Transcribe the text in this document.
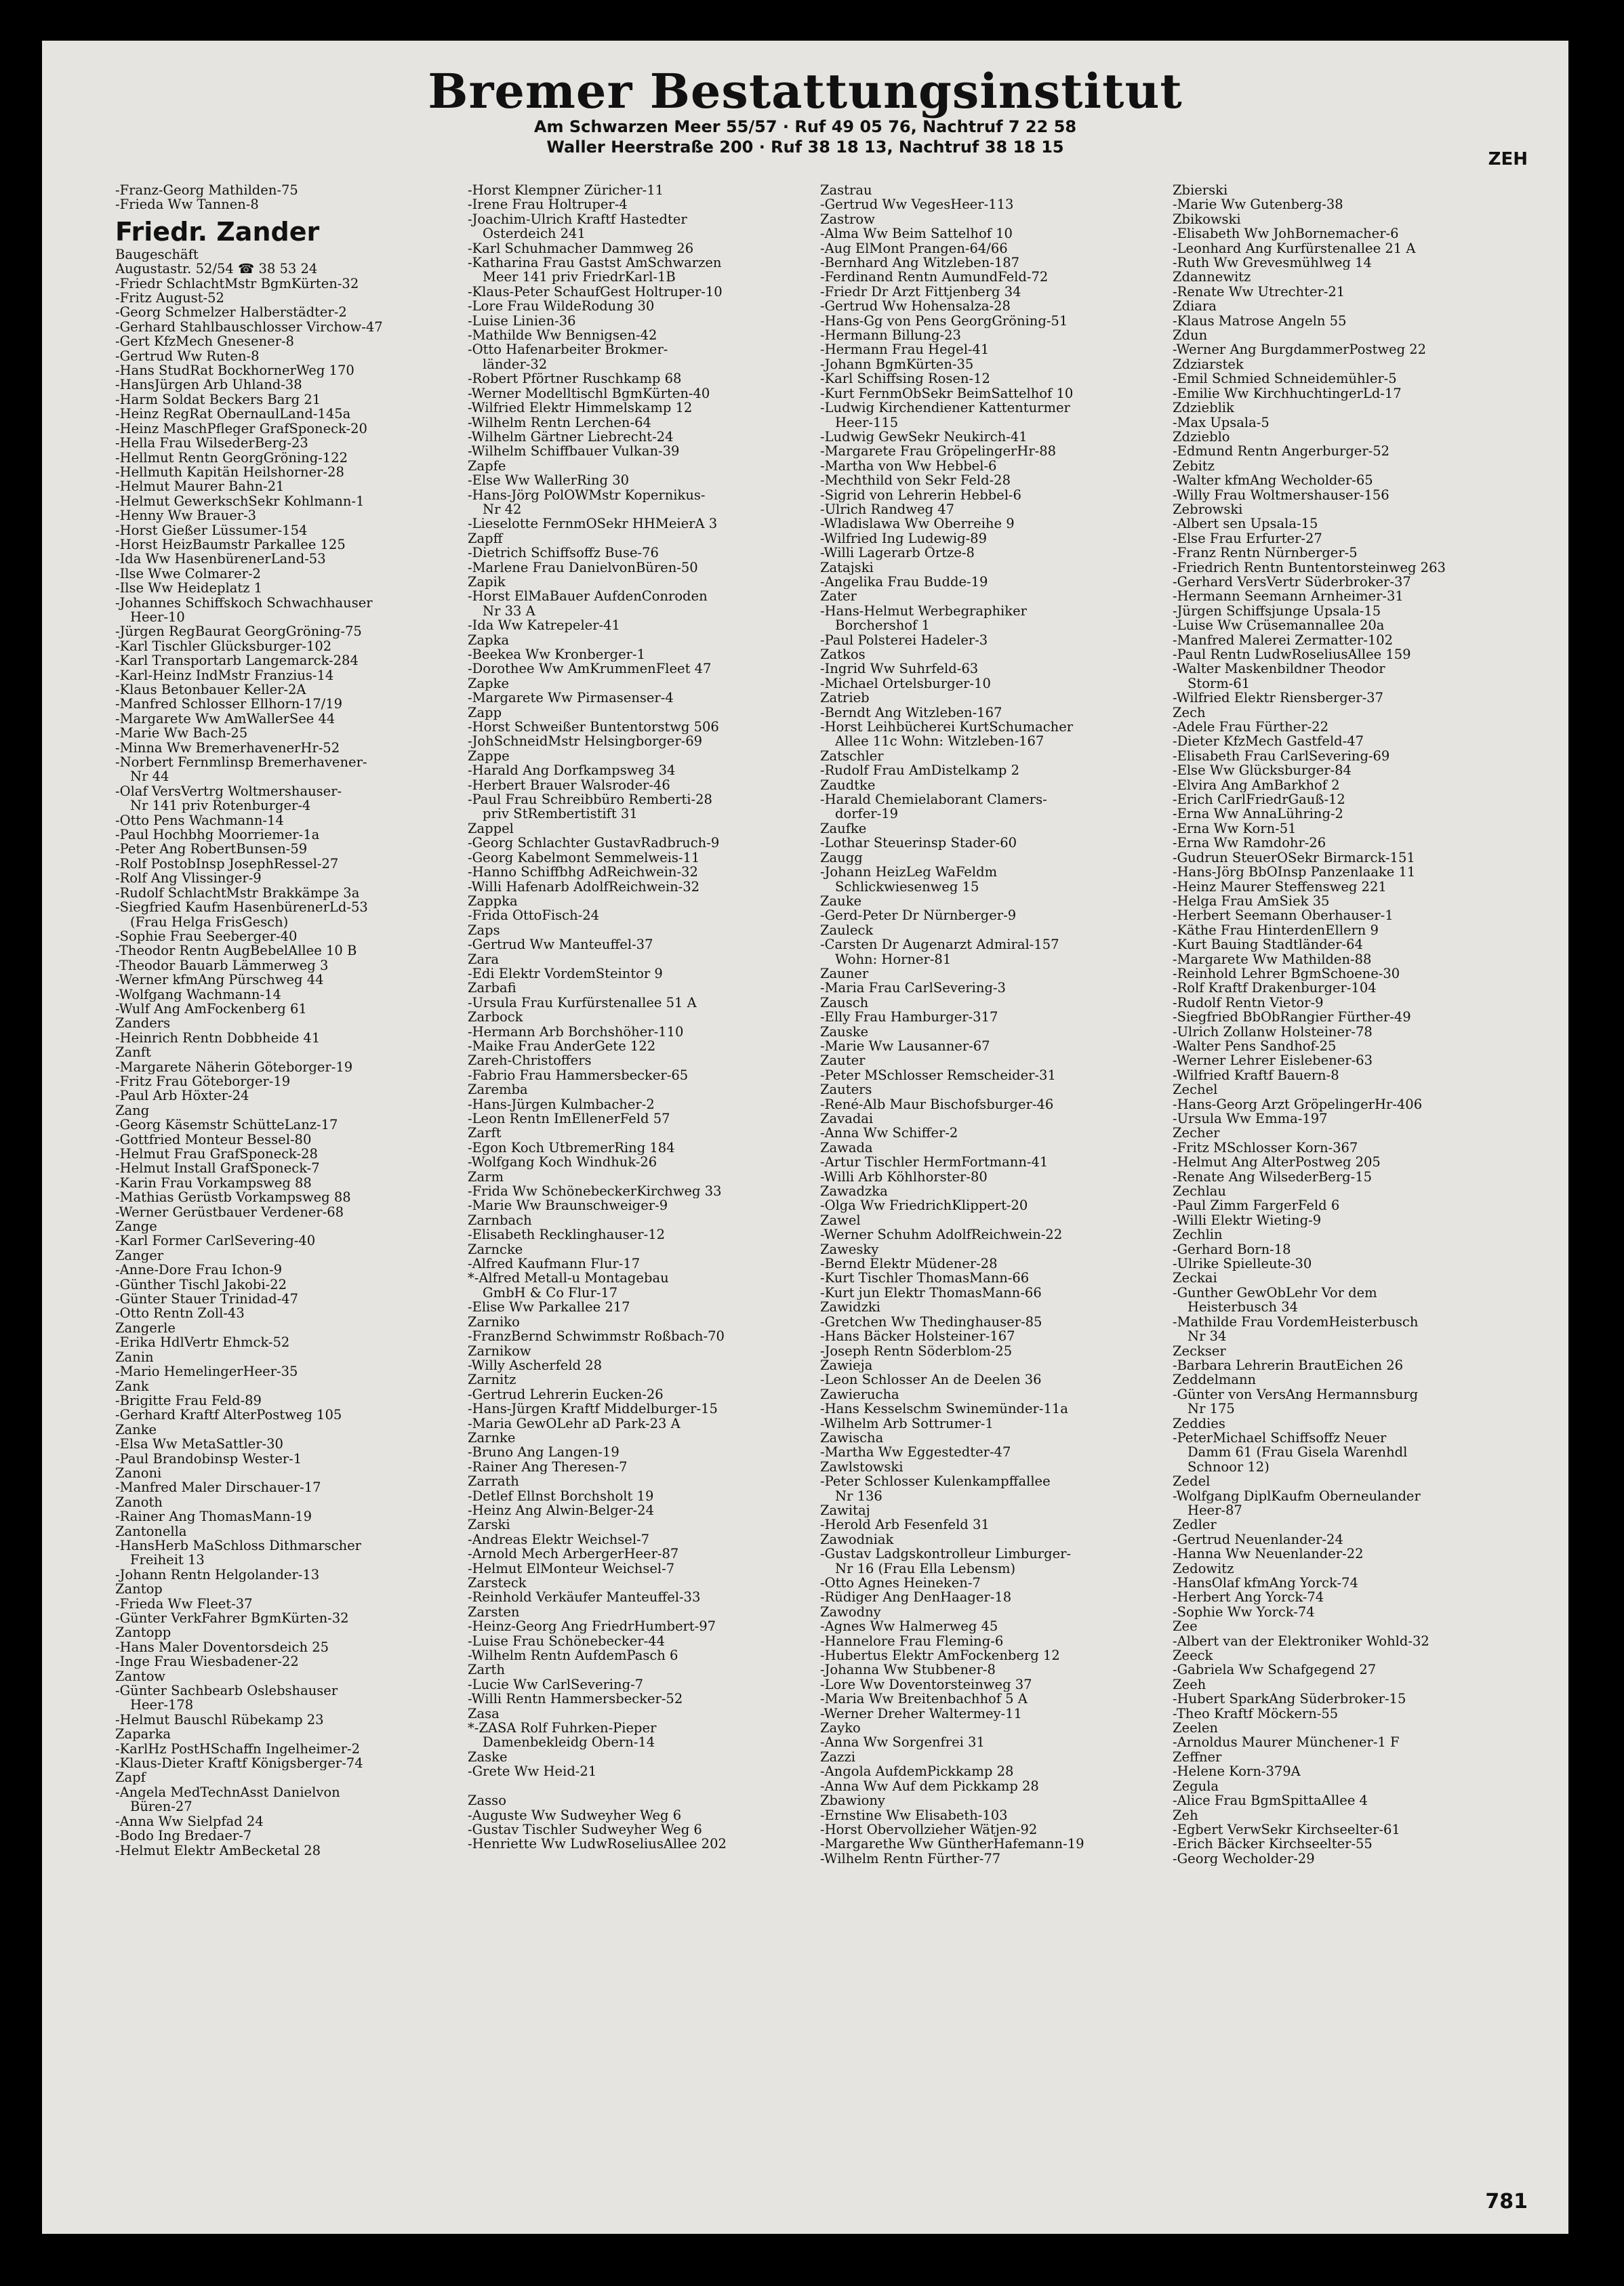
Bremer Bestattungsinstitut
Am Schwarzen Meer 55/57 · Ruf 49 05 76, Nachtruf 7 22 58
Waller Heerstraße 200 · Ruf 38 18 13, Nachtruf 38 18 15
ZEH
-Franz-Georg Mathilden-75
-Frieda Ww Tannen-8
Friedr. Zander
Baugeschäft
Augustastr. 52/54 ☎ 38 53 24
-Friedr SchlachtMstr BgmKürten-32
-Fritz August-52
-Georg Schmelzer Halberstädter-2
-Gerhard Stahlbauschlosser Virchow-47
-Gert KfzMech Gnesener-8
-Gertrud Ww Ruten-8
-Hans StudRat BockhornerWeg 170
-HansJürgen Arb Uhland-38
-Harm Soldat Beckers Barg 21
-Heinz RegRat ObernaulLand-145a
-Heinz MaschPfleger GrafSponeck-20
-Hella Frau WilsederBerg-23
-Hellmut Rentn GeorgGröning-122
-Hellmuth Kapitän Heilshorner-28
-Helmut Maurer Bahn-21
-Helmut GewerkschSekr Kohlmann-1
-Henny Ww Brauer-3
-Horst Gießer Lüssumer-154
-Horst HeizBaumstr Parkallee 125
-Ida Ww HasenbürenerLand-53
-Ilse Wwe Colmarer-2
-Ilse Ww Heideplatz 1
-Johannes Schiffskoch Schwachhauser
Heer-10
-Jürgen RegBaurat GeorgGröning-75
-Karl Tischler Glücksburger-102
-Karl Transportarb Langemarck-284
-Karl-Heinz IndMstr Franzius-14
-Klaus Betonbauer Keller-2A
-Manfred Schlosser Ellhorn-17/19
-Margarete Ww AmWallerSee 44
-Marie Ww Bach-25
-Minna Ww BremerhavenerHr-52
-Norbert Fernmlinsp Bremerhavener-
Nr 44
-Olaf VersVertrg Woltmershauser-
Nr 141 priv Rotenburger-4
-Otto Pens Wachmann-14
-Paul Hochbhg Moorriemer-1a
-Peter Ang RobertBunsen-59
-Rolf PostobInsp JosephRessel-27
-Rolf Ang Vlissinger-9
-Rudolf SchlachtMstr Brakkämpe 3a
-Siegfried Kaufm HasenbürenerLd-53
(Frau Helga FrisGesch)
-Sophie Frau Seeberger-40
-Theodor Rentn AugBebelAllee 10 B
-Theodor Bauarb Lämmerweg 3
-Werner kfmAng Pürschweg 44
-Wolfgang Wachmann-14
-Wulf Ang AmFockenberg 61
Zanders
-Heinrich Rentn Dobbheide 41
Zanft
-Margarete Näherin Göteborger-19
-Fritz Frau Göteborger-19
-Paul Arb Höxter-24
Zang
-Georg Käsemstr SchütteLanz-17
-Gottfried Monteur Bessel-80
-Helmut Frau GrafSponeck-28
-Helmut Install GrafSponeck-7
-Karin Frau Vorkampsweg 88
-Mathias Gerüstb Vorkampsweg 88
-Werner Gerüstbauer Verdener-68
Zange
-Karl Former CarlSevering-40
Zanger
-Anne-Dore Frau Ichon-9
-Günther Tischl Jakobi-22
-Günter Stauer Trinidad-47
-Otto Rentn Zoll-43
Zangerle
-Erika HdlVertr Ehmck-52
Zanin
-Mario HemelingerHeer-35
Zank
-Brigitte Frau Feld-89
-Gerhard Kraftf AlterPostweg 105
Zanke
-Elsa Ww MetaSattler-30
-Paul Brandobinsp Wester-1
Zanoni
-Manfred Maler Dirschauer-17
Zanoth
-Rainer Ang ThomasMann-19
Zantonella
-HansHerb MaSchloss Dithmarscher
Freiheit 13
-Johann Rentn Helgolander-13
Zantop
-Frieda Ww Fleet-37
-Günter VerkFahrer BgmKürten-32
Zantopp
-Hans Maler Doventorsdeich 25
-Inge Frau Wiesbadener-22
Zantow
-Günter Sachbearb Oslebshauser
Heer-178
-Helmut Bauschl Rübekamp 23
Zaparka
-KarlHz PostHSchaffn Ingelheimer-2
-Klaus-Dieter Kraftf Königsberger-74
Zapf
-Angela MedTechnAsst Danielvon
Büren-27
-Anna Ww Sielpfad 24
-Bodo Ing Bredaer-7
-Helmut Elektr AmBecketal 28
-Horst Klempner Züricher-11
-Irene Frau Holtruper-4
-Joachim-Ulrich Kraftf Hastedter
Osterdeich 241
-Karl Schuhmacher Dammweg 26
-Katharina Frau Gastst AmSchwarzen
Meer 141 priv FriedrKarl-1B
-Klaus-Peter SchaufGest Holtruper-10
-Lore Frau WildeRodung 30
-Luise Linien-36
-Mathilde Ww Bennigsen-42
-Otto Hafenarbeiter Brokmer-
länder-32
-Robert Pförtner Ruschkamp 68
-Werner Modelltischl BgmKürten-40
-Wilfried Elektr Himmelskamp 12
-Wilhelm Rentn Lerchen-64
-Wilhelm Gärtner Liebrecht-24
-Wilhelm Schiffbauer Vulkan-39
Zapfe
-Else Ww WallerRing 30
-Hans-Jörg PolOWMstr Kopernikus-
Nr 42
-Lieselotte FernmOSekr HHMeierA 3
Zapff
-Dietrich Schiffsoffz Buse-76
-Marlene Frau DanielvonBüren-50
Zapik
-Horst ElMaBauer AufdenConroden
Nr 33 A
-Ida Ww Katrepeler-41
Zapka
-Beekea Ww Kronberger-1
-Dorothee Ww AmKrummenFleet 47
Zapke
-Margarete Ww Pirmasenser-4
Zapp
-Horst Schweißer Buntentorstwg 506
-JohSchneidMstr Helsingborger-69
Zappe
-Harald Ang Dorfkampsweg 34
-Herbert Brauer Walsroder-46
-Paul Frau Schreibbüro Remberti-28
priv StRembertistift 31
Zappel
-Georg Schlachter GustavRadbruch-9
-Georg Kabelmont Semmelweis-11
-Hanno Schiffbhg AdReichwein-32
-Willi Hafenarb AdolfReichwein-32
Zappka
-Frida OttoFisch-24
Zaps
-Gertrud Ww Manteuffel-37
Zara
-Edi Elektr VordemSteintor 9
Zarbafi
-Ursula Frau Kurfürstenallee 51 A
Zarbock
-Hermann Arb Borchshöher-110
-Maike Frau AnderGete 122
Zareh-Christoffers
-Fabrio Frau Hammersbecker-65
Zaremba
-Hans-Jürgen Kulmbacher-2
-Leon Rentn ImEllenerFeld 57
Zarft
-Egon Koch UtbremerRing 184
-Wolfgang Koch Windhuk-26
Zarm
-Frida Ww SchönebeckerKirchweg 33
-Marie Ww Braunschweiger-9
Zarnbach
-Elisabeth Recklinghauser-12
Zarncke
-Alfred Kaufmann Flur-17
*-Alfred Metall-u Montagebau
GmbH & Co Flur-17
-Elise Ww Parkallee 217
Zarniko
-FranzBernd Schwimmstr Roßbach-70
Zarnikow
-Willy Ascherfeld 28
Zarnitz
-Gertrud Lehrerin Eucken-26
-Hans-Jürgen Kraftf Middelburger-15
-Maria GewOLehr aD Park-23 A
Zarnke
-Bruno Ang Langen-19
-Rainer Ang Theresen-7
Zarrath
-Detlef Ellnst Borchsholt 19
-Heinz Ang Alwin-Belger-24
Zarski
-Andreas Elektr Weichsel-7
-Arnold Mech ArbergerHeer-87
-Helmut ElMonteur Weichsel-7
Zarsteck
-Reinhold Verkäufer Manteuffel-33
Zarsten
-Heinz-Georg Ang FriedrHumbert-97
-Luise Frau Schönebecker-44
-Wilhelm Rentn AufdemPasch 6
Zarth
-Lucie Ww CarlSevering-7
-Willi Rentn Hammersbecker-52
Zasa
*-ZASA Rolf Fuhrken-Pieper
Damenbekleidg Obern-14
Zaske
-Grete Ww Heid-21

Zasso
-Auguste Ww Sudweyher Weg 6
-Gustav Tischler Sudweyher Weg 6
-Henriette Ww LudwRoseliusAllee 202
Zastrau
-Gertrud Ww VegesHeer-113
Zastrow
-Alma Ww Beim Sattelhof 10
-Aug ElMont Prangen-64/66
-Bernhard Ang Witzleben-187
-Ferdinand Rentn AumundFeld-72
-Friedr Dr Arzt Fittjenberg 34
-Gertrud Ww Hohensalza-28
-Hans-Gg von Pens GeorgGröning-51
-Hermann Billung-23
-Hermann Frau Hegel-41
-Johann BgmKürten-35
-Karl Schiffsing Rosen-12
-Kurt FernmObSekr BeimSattelhof 10
-Ludwig Kirchendiener Kattenturmer
Heer-115
-Ludwig GewSekr Neukirch-41
-Margarete Frau GröpelingerHr-88
-Martha von Ww Hebbel-6
-Mechthild von Sekr Feld-28
-Sigrid von Lehrerin Hebbel-6
-Ulrich Randweg 47
-Wladislawa Ww Oberreihe 9
-Wilfried Ing Ludewig-89
-Willi Lagerarb Örtze-8
Zatajski
-Angelika Frau Budde-19
Zater
-Hans-Helmut Werbegraphiker
Borchershof 1
-Paul Polsterei Hadeler-3
Zatkos
-Ingrid Ww Suhrfeld-63
-Michael Ortelsburger-10
Zatrieb
-Berndt Ang Witzleben-167
-Horst Leihbücherei KurtSchumacher
Allee 11c Wohn: Witzleben-167
Zatschler
-Rudolf Frau AmDistelkamp 2
Zaudtke
-Harald Chemielaborant Clamers-
dorfer-19
Zaufke
-Lothar Steuerinsp Stader-60
Zaugg
-Johann HeizLeg WaFeldm
Schlickwiesenweg 15
Zauke
-Gerd-Peter Dr Nürnberger-9
Zauleck
-Carsten Dr Augenarzt Admiral-157
Wohn: Horner-81
Zauner
-Maria Frau CarlSevering-3
Zausch
-Elly Frau Hamburger-317
Zauske
-Marie Ww Lausanner-67
Zauter
-Peter MSchlosser Remscheider-31
Zauters
-René-Alb Maur Bischofsburger-46
Zavadai
-Anna Ww Schiffer-2
Zawada
-Artur Tischler HermFortmann-41
-Willi Arb Köhlhorster-80
Zawadzka
-Olga Ww FriedrichKlippert-20
Zawel
-Werner Schuhm AdolfReichwein-22
Zawesky
-Bernd Elektr Müdener-28
-Kurt Tischler ThomasMann-66
-Kurt jun Elektr ThomasMann-66
Zawidzki
-Gretchen Ww Thedinghauser-85
-Hans Bäcker Holsteiner-167
-Joseph Rentn Söderblom-25
Zawieja
-Leon Schlosser An de Deelen 36
Zawierucha
-Hans Kesselschm Swinemünder-11a
-Wilhelm Arb Sottrumer-1
Zawischa
-Martha Ww Eggestedter-47
Zawlstowski
-Peter Schlosser Kulenkampffallee
Nr 136
Zawitaj
-Herold Arb Fesenfeld 31
Zawodniak
-Gustav Ladgskontrolleur Limburger-
Nr 16 (Frau Ella Lebensm)
-Otto Agnes Heineken-7
-Rüdiger Ang DenHaager-18
Zawodny
-Agnes Ww Halmerweg 45
-Hannelore Frau Fleming-6
-Hubertus Elektr AmFockenberg 12
-Johanna Ww Stubbener-8
-Lore Ww Doventorsteinweg 37
-Maria Ww Breitenbachhof 5 A
-Werner Dreher Waltermey-11
Zayko
-Anna Ww Sorgenfrei 31
Zazzi
-Angola AufdemPickkamp 28
-Anna Ww Auf dem Pickkamp 28
Zbawiony
-Ernstine Ww Elisabeth-103
-Horst Obervollzieher Wätjen-92
-Margarethe Ww GüntherHafemann-19
-Wilhelm Rentn Fürther-77
Zbierski
-Marie Ww Gutenberg-38
Zbikowski
-Elisabeth Ww JohBornemacher-6
-Leonhard Ang Kurfürstenallee 21 A
-Ruth Ww Grevesmühlweg 14
Zdannewitz
-Renate Ww Utrechter-21
Zdiara
-Klaus Matrose Angeln 55
Zdun
-Werner Ang BurgdammerPostweg 22
Zdziarstek
-Emil Schmied Schneidemühler-5
-Emilie Ww KirchhuchtingerLd-17
Zdzieblik
-Max Upsala-5
Zdzieblo
-Edmund Rentn Angerburger-52
Zebitz
-Walter kfmAng Wecholder-65
-Willy Frau Woltmershauser-156
Zebrowski
-Albert sen Upsala-15
-Else Frau Erfurter-27
-Franz Rentn Nürnberger-5
-Friedrich Rentn Buntentorsteinweg 263
-Gerhard VersVertr Süderbroker-37
-Hermann Seemann Arnheimer-31
-Jürgen Schiffsjunge Upsala-15
-Luise Ww Crüsemannallee 20a
-Manfred Malerei Zermatter-102
-Paul Rentn LudwRoseliusAllee 159
-Walter Maskenbildner Theodor
Storm-61
-Wilfried Elektr Riensberger-37
Zech
-Adele Frau Fürther-22
-Dieter KfzMech Gastfeld-47
-Elisabeth Frau CarlSevering-69
-Else Ww Glücksburger-84
-Elvira Ang AmBarkhof 2
-Erich CarlFriedrGauß-12
-Erna Ww AnnaLühring-2
-Erna Ww Korn-51
-Erna Ww Ramdohr-26
-Gudrun SteuerOSekr Birmarck-151
-Hans-Jörg BbOInsp Panzenlaake 11
-Heinz Maurer Steffensweg 221
-Helga Frau AmSiek 35
-Herbert Seemann Oberhauser-1
-Käthe Frau HinterdenEllern 9
-Kurt Bauing Stadtländer-64
-Margarete Ww Mathilden-88
-Reinhold Lehrer BgmSchoene-30
-Rolf Kraftf Drakenburger-104
-Rudolf Rentn Vietor-9
-Siegfried BbObRangier Fürther-49
-Ulrich Zollanw Holsteiner-78
-Walter Pens Sandhof-25
-Werner Lehrer Eislebener-63
-Wilfried Kraftf Bauern-8
Zechel
-Hans-Georg Arzt GröpelingerHr-406
-Ursula Ww Emma-197
Zecher
-Fritz MSchlosser Korn-367
-Helmut Ang AlterPostweg 205
-Renate Ang WilsederBerg-15
Zechlau
-Paul Zimm FargerFeld 6
-Willi Elektr Wieting-9
Zechlin
-Gerhard Born-18
-Ulrike Spielleute-30
Zeckai
-Gunther GewObLehr Vor dem
Heisterbusch 34
-Mathilde Frau VordemHeisterbusch
Nr 34
Zeckser
-Barbara Lehrerin BrautEichen 26
Zeddelmann
-Günter von VersAng Hermannsburg
Nr 175
Zeddies
-PeterMichael Schiffsoffz Neuer
Damm 61 (Frau Gisela Warenhdl
Schnoor 12)
Zedel
-Wolfgang DiplKaufm Oberneulander
Heer-87
Zedler
-Gertrud Neuenlander-24
-Hanna Ww Neuenlander-22
Zedowitz
-HansOlaf kfmAng Yorck-74
-Herbert Ang Yorck-74
-Sophie Ww Yorck-74
Zee
-Albert van der Elektroniker Wohld-32
Zeeck
-Gabriela Ww Schafgegend 27
Zeeh
-Hubert SparkAng Süderbroker-15
-Theo Kraftf Möckern-55
Zeelen
-Arnoldus Maurer Münchener-1 F
Zeffner
-Helene Korn-379A
Zegula
-Alice Frau BgmSpittaAllee 4
Zeh
-Egbert VerwSekr Kirchseelter-61
-Erich Bäcker Kirchseelter-55
-Georg Wecholder-29
781
